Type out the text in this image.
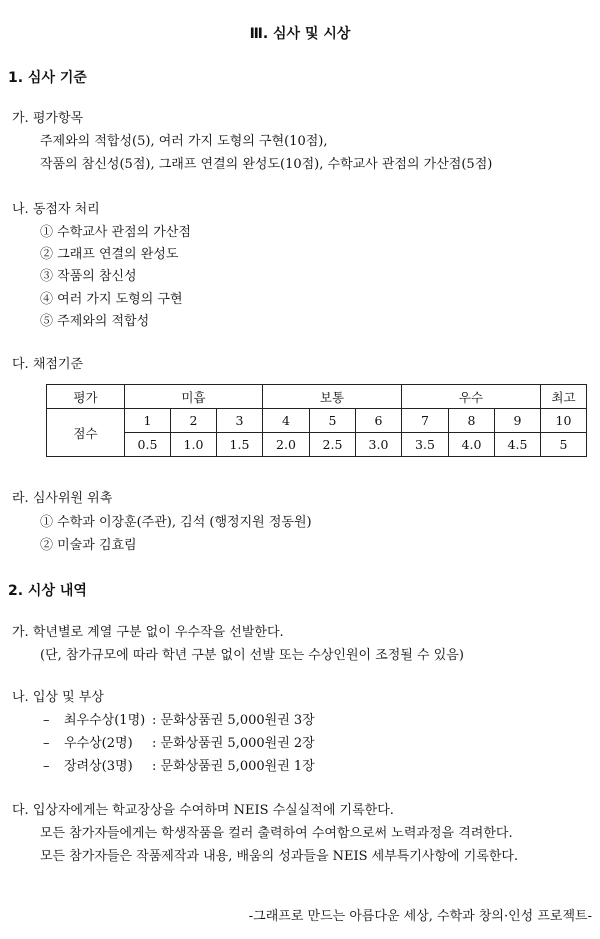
Ⅲ. 심사 및 시상
1. 심사 기준
가. 평가항목
주제와의 적합성(5), 여러 가지 도형의 구현(10점),
작품의 참신성(5점), 그래프 연결의 완성도(10점), 수학교사 관점의 가산점(5점)
나. 동점자 처리
① 수학교사 관점의 가산점
② 그래프 연결의 완성도
③ 작품의 참신성
④ 여러 가지 도형의 구현
⑤ 주제와의 적합성
다. 채점기준
평가	미흡			보통			우수			최고
점수	1	2	3	4	5	6	7	8	9	10
	0.5	1.0	1.5	2.0	2.5	3.0	3.5	4.0	4.5	5
라. 심사위원 위촉
① 수학과 이장훈(주관), 김석 (행정지원 정동원)
② 미술과 김효림
2. 시상 내역
가. 학년별로 계열 구분 없이 우수작을 선발한다.
(단, 참가규모에 따라 학년 구분 없이 선발 또는 수상인원이 조정될 수 있음)
나. 입상 및 부상
– 최우수상(1명) : 문화상품권 5,000원권 3장
– 우수상(2명) : 문화상품권 5,000원권 2장
– 장려상(3명) : 문화상품권 5,000원권 1장
다. 입상자에게는 학교장상을 수여하며 NEIS 수실실적에 기록한다.
모든 참가자들에게는 학생작품을 컬러 출력하여 수여함으로써 노력과정을 격려한다.
모든 참가자들은 작품제작과 내용, 배움의 성과들을 NEIS 세부특기사항에 기록한다.
-그래프로 만드는 아름다운 세상, 수학과 창의·인성 프로젝트-
